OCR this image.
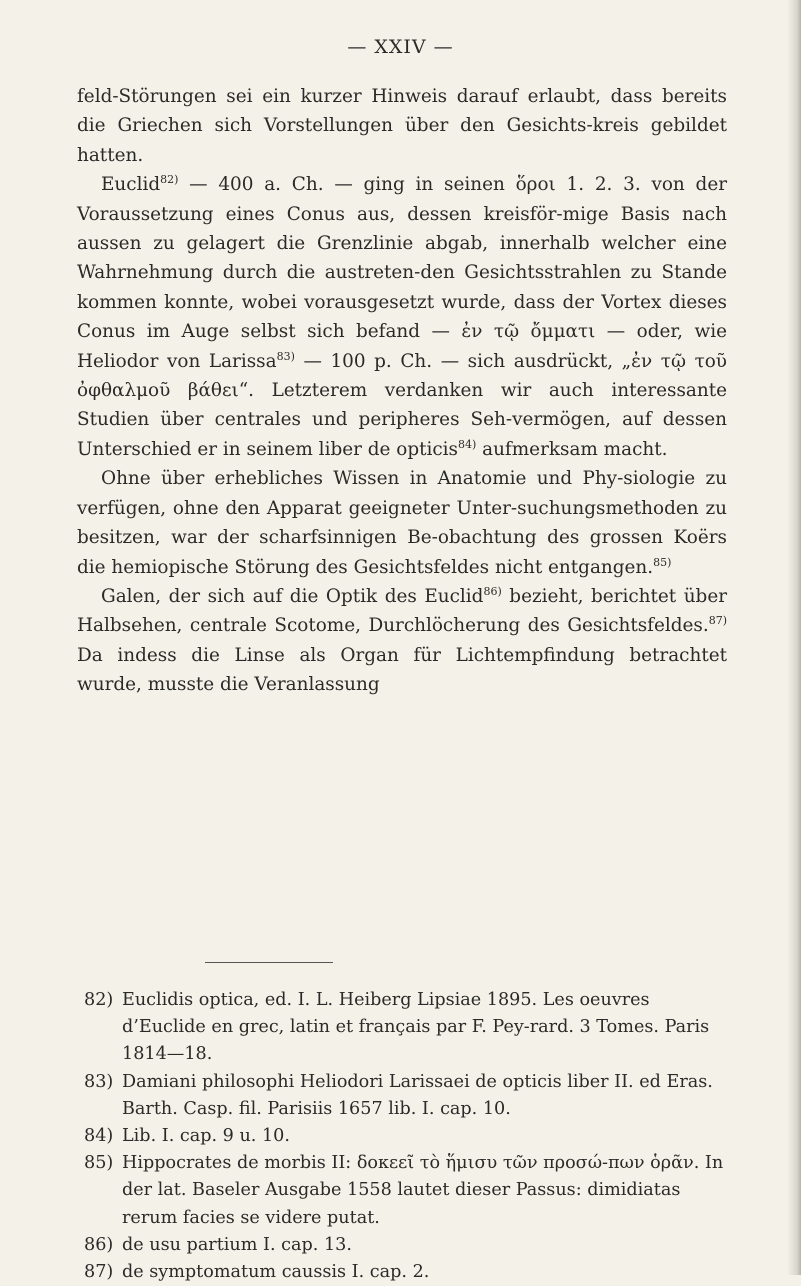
— XXIV —

feld-Störungen sei ein kurzer Hinweis darauf erlaubt, dass bereits die Griechen sich Vorstellungen über den Gesichts-kreis gebildet hatten.

Euclid$^{82)}$ — 400 a. Ch. — ging in seinen ὅροι 1. 2. 3. von der Voraussetzung eines Conus aus, dessen kreisför-mige Basis nach aussen zu gelagert die Grenzlinie abgab, innerhalb welcher eine Wahrnehmung durch die austreten-den Gesichtsstrahlen zu Stande kommen konnte, wobei vorausgesetzt wurde, dass der Vortex dieses Conus im Auge selbst sich befand — ἐν τῷ ὄμματι — oder, wie Heliodor von Larissa$^{83)}$ — 100 p. Ch. — sich ausdrückt, „ἐν τῷ τοῦ ὀφθαλμοῦ βάθει“. Letzterem verdanken wir auch interessante Studien über centrales und peripheres Seh-vermögen, auf dessen Unterschied er in seinem liber de opticis$^{84)}$ aufmerksam macht.

Ohne über erhebliches Wissen in Anatomie und Phy-siologie zu verfügen, ohne den Apparat geeigneter Unter-suchungsmethoden zu besitzen, war der scharfsinnigen Be-obachtung des grossen Koërs die hemiopische Störung des Gesichtsfeldes nicht entgangen.$^{85)}$

Galen, der sich auf die Optik des Euclid$^{86)}$ bezieht, berichtet über Halbsehen, centrale Scotome, Durchlöcherung des Gesichtsfeldes.$^{87)}$ Da indess die Linse als Organ für Lichtempfindung betrachtet wurde, musste die Veranlassung

82) Euclidis optica, ed. I. L. Heiberg Lipsiae 1895. Les oeuvres d’Euclide en grec, latin et français par F. Pey-rard. 3 Tomes. Paris 1814—18.
83) Damiani philosophi Heliodori Larissaei de opticis liber II. ed Eras. Barth. Casp. fil. Parisiis 1657 lib. I. cap. 10.
84) Lib. I. cap. 9 u. 10.
85) Hippocrates de morbis II: δοκεεῖ τὸ ἥμισυ τῶν προσώ-πων ὁρᾶν. In der lat. Baseler Ausgabe 1558 lautet dieser Passus: dimidiatas rerum facies se videre putat.
86) de usu partium I. cap. 13.
87) de symptomatum caussis I. cap. 2.
